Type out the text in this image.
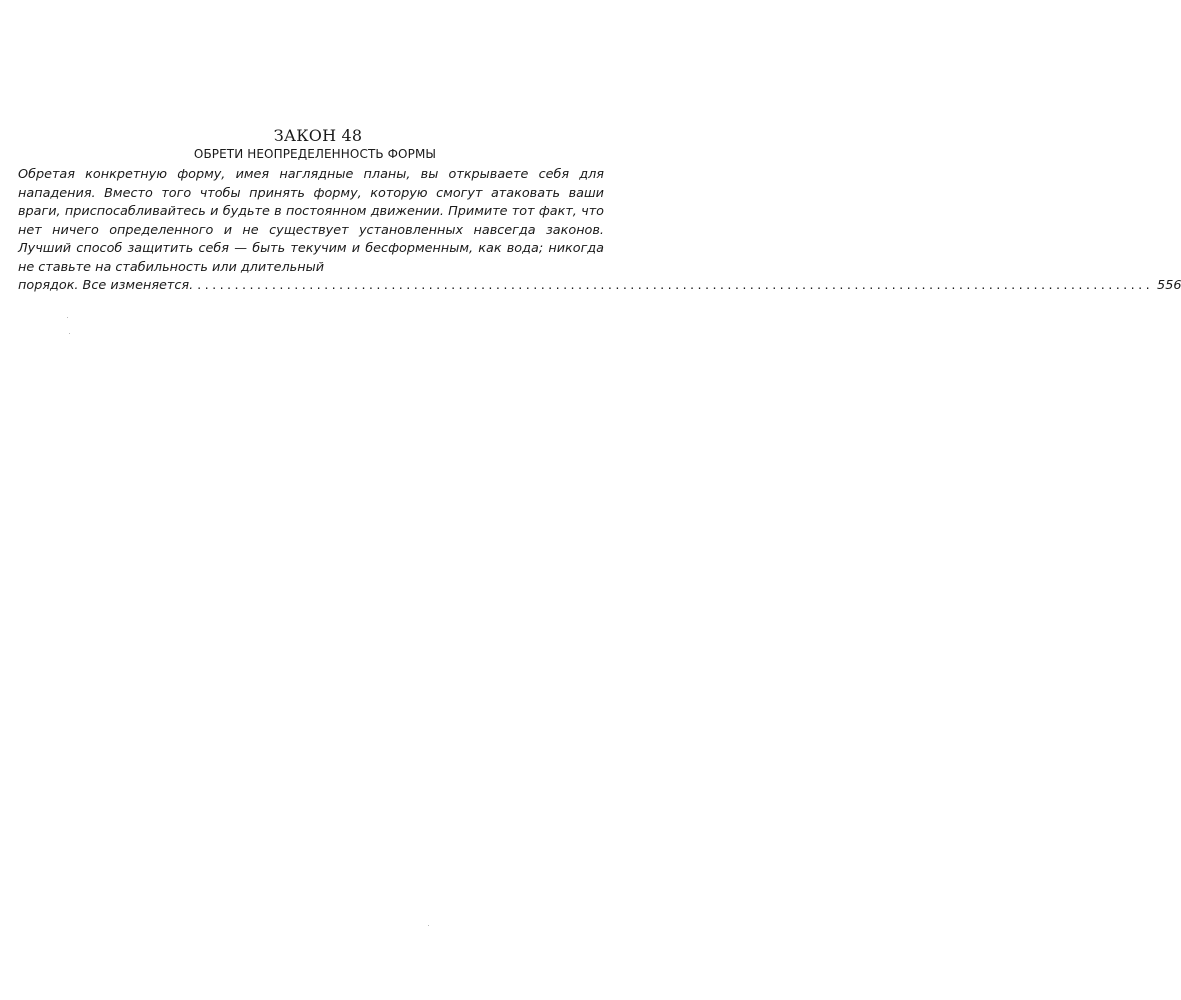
ЗАКОН 48

ОБРЕТИ НЕОПРЕДЕЛЕННОСТЬ ФОРМЫ

Обретая конкретную форму, имея наглядные планы, вы открываете себя для нападения. Вместо того чтобы принять форму, которую смогут атаковать ваши враги, приспосабливайтесь и будьте в постоянном движении. Примите тот факт, что нет ничего определенного и не существует установленных навсегда законов. Лучший способ защитить себя — быть текучим и бесформенным, как вода; никогда не ставьте на стабильность или длительный

порядок. Все изменяется. ................................................................................................................................ 556
